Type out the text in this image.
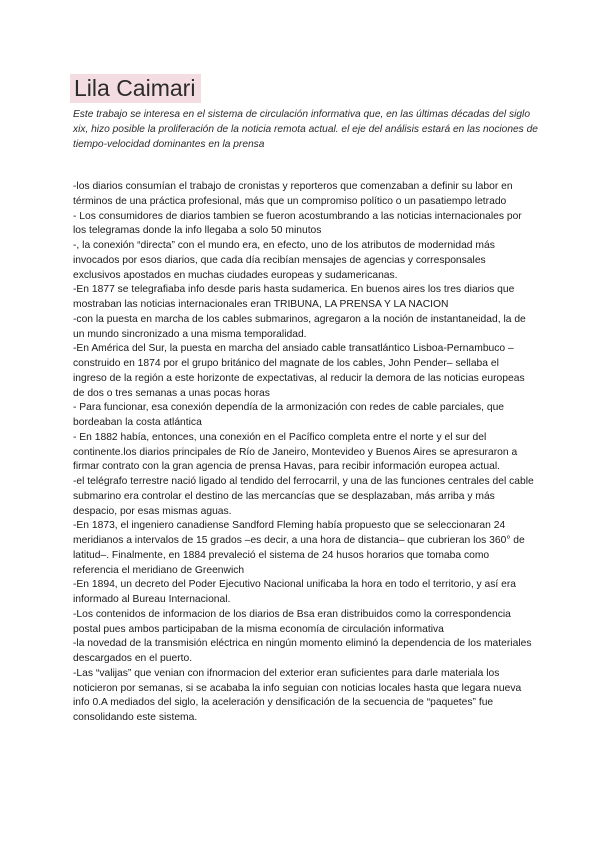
Lila Caimari

Este trabajo se interesa en el sistema de circulación informativa que, en las últimas décadas del siglo xix, hizo posible la proliferación de la noticia remota actual. el eje del análisis estará en las nociones de tiempo-velocidad dominantes en la prensa

-los diarios consumían el trabajo de cronistas y reporteros que comenzaban a definir su labor en términos de una práctica profesional, más que un compromiso político o un pasatiempo letrado

- Los consumidores de diarios tambien se fueron acostumbrando a las noticias internacionales por los telegramas donde la info llegaba a solo 50 minutos

-, la conexión “directa” con el mundo era, en efecto, uno de los atributos de modernidad más invocados por esos diarios, que cada día recibían mensajes de agencias y corresponsales exclusivos apostados en muchas ciudades europeas y sudamericanas.

-En 1877 se telegrafiaba info desde paris hasta sudamerica. En buenos aires los tres diarios que mostraban las noticias internacionales eran TRIBUNA, LA PRENSA Y LA NACION

-con la puesta en marcha de los cables submarinos, agregaron a la noción de instantaneidad, la de un mundo sincronizado a una misma temporalidad.

-En América del Sur, la puesta en marcha del ansiado cable transatlántico Lisboa-Pernambuco –construido en 1874 por el grupo británico del magnate de los cables, John Pender– sellaba el ingreso de la región a este horizonte de expectativas, al reducir la demora de las noticias europeas de dos o tres semanas a unas pocas horas

- Para funcionar, esa conexión dependía de la armonización con redes de cable parciales, que bordeaban la costa atlántica

- En 1882 había, entonces, una conexión en el Pacífico completa entre el norte y el sur del continente.los diarios principales de Río de Janeiro, Montevideo y Buenos Aires se apresuraron a firmar contrato con la gran agencia de prensa Havas, para recibir información europea actual.

-el telégrafo terrestre nació ligado al tendido del ferrocarril, y una de las funciones centrales del cable submarino era controlar el destino de las mercancías que se desplazaban, más arriba y más despacio, por esas mismas aguas.

-En 1873, el ingeniero canadiense Sandford Fleming había propuesto que se seleccionaran 24 meridianos a intervalos de 15 grados –es decir, a una hora de distancia– que cubrieran los 360° de latitud–. Finalmente, en 1884 prevaleció el sistema de 24 husos horarios que tomaba como referencia el meridiano de Greenwich

-En 1894, un decreto del Poder Ejecutivo Nacional unificaba la hora en todo el territorio, y así era informado al Bureau Internacional.

-Los contenidos de informacion de los diarios de Bsa eran distribuidos como la correspondencia postal pues ambos participaban de la misma economía de circulación informativa

-la novedad de la transmisión eléctrica en ningún momento eliminó la dependencia de los materiales descargados en el puerto.

-Las “valijas” que venian con ifnormacion del exterior eran suficientes para darle materiala los noticieron por semanas, si se acababa la info seguian con noticias locales hasta que legara nueva info 0.A mediados del siglo, la aceleración y densificación de la secuencia de “paquetes” fue consolidando este sistema.
